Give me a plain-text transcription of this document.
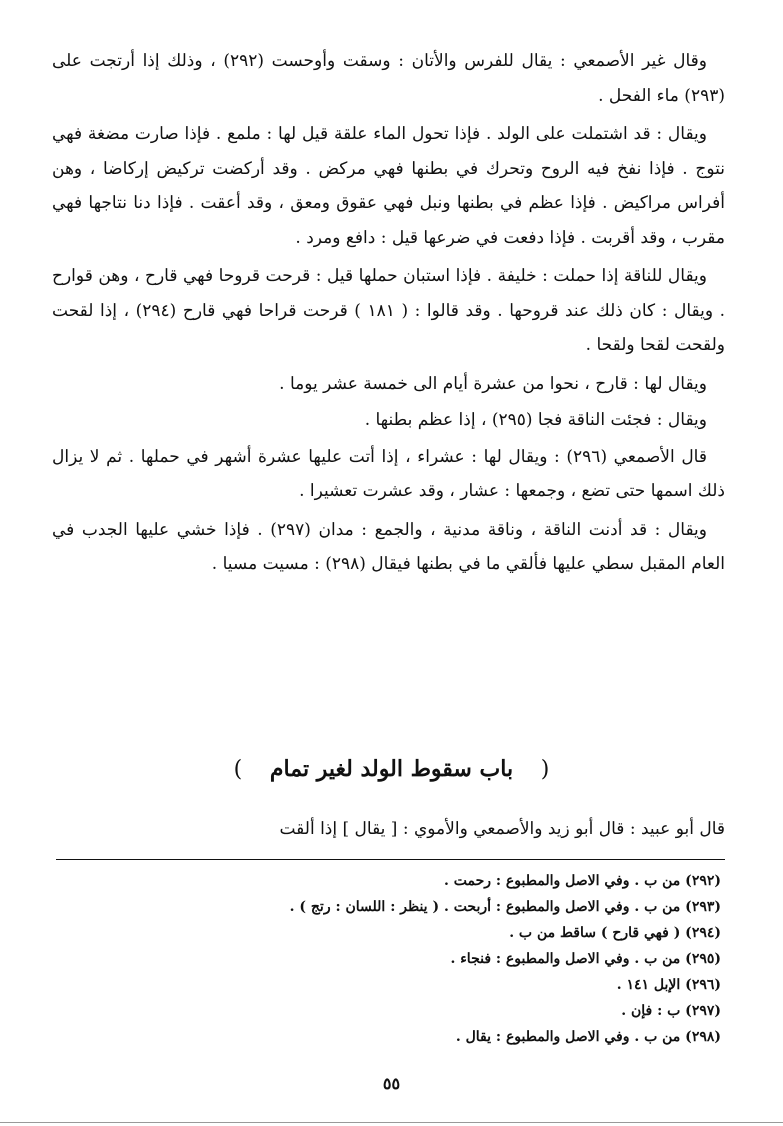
وقال غير الأصمعي : يقال للفرس والأتان : وسقت وأوحست (٢٩٢) ، وذلك إذا أرتجت على (٢٩٣) ماء الفحل .

ويقال : قد اشتملت على الولد . فإذا تحول الماء علقة قيل لها : ملمع . فإذا صارت مضغة فهي نتوج . فإذا نفخ فيه الروح وتحرك في بطنها فهي مركض . وقد أركضت تركيض إركاضا ، وهن أفراس مراكيض . فإذا عظم في بطنها ونبل فهي عقوق ومعق ، وقد أعقت . فإذا دنا نتاجها فهي مقرب ، وقد أقربت . فإذا دفعت في ضرعها قيل : دافع ومرد .

ويقال للناقة إذا حملت : خليفة . فإذا استبان حملها قيل : قرحت قروحا فهي قارح ، وهن قوارح . ويقال : كان ذلك عند قروحها . وقد قالوا : ( ١٨١ ) قرحت قراحا فهي قارح (٢٩٤) ، إذا لقحت ولقحت لقحا ولقحا .

ويقال لها : قارح ، نحوا من عشرة أيام الى خمسة عشر يوما .

ويقال : فجئت الناقة فجا (٢٩٥) ، إذا عظم بطنها .

قال الأصمعي (٢٩٦) : ويقال لها : عشراء ، إذا أتت عليها عشرة أشهر في حملها . ثم لا يزال ذلك اسمها حتى تضع ، وجمعها : عشار ، وقد عشرت تعشيرا .

ويقال : قد أدنت الناقة ، وناقة مدنية ، والجمع : مدان (٢٩٧) . فإذا خشي عليها الجدب في العام المقبل سطي عليها فألقي ما في بطنها فيقال (٢٩٨) : مسيت مسيا .

( باب سقوط الولد لغير تمام )
قال أبو عبيد : قال أبو زيد والأصمعي والأموي : [ يقال ] إذا ألقت

(٢٩٢) من ب . وفي الاصل والمطبوع : رحمت .

(٢٩٣) من ب . وفي الاصل والمطبوع : أربحت . ( ينظر : اللسان : رتج ) .

(٢٩٤) ( فهي قارح ) ساقط من ب .

(٢٩٥) من ب . وفي الاصل والمطبوع : فنجاء .

(٢٩٦) الإبل ١٤١ .

(٢٩٧) ب : فإن .

(٢٩٨) من ب . وفي الاصل والمطبوع : يقال .

٥٥
